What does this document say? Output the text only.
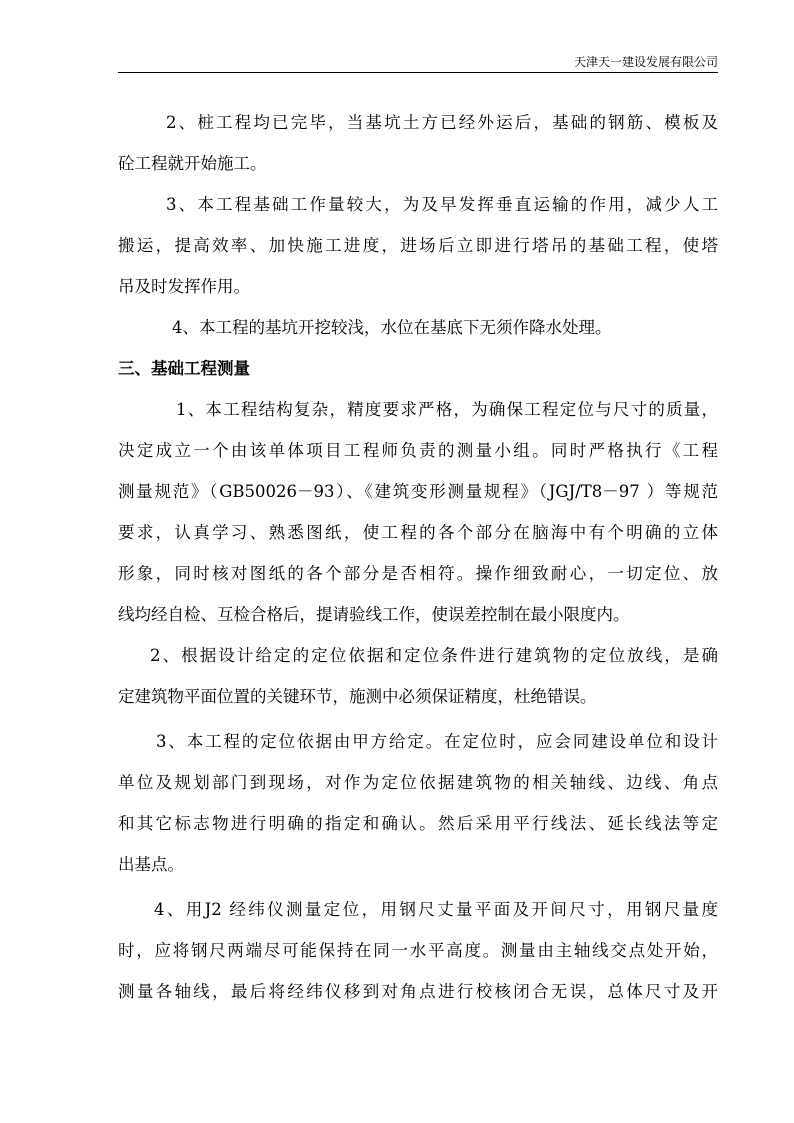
天津天一建设发展有限公司

2、桩工程均已完毕，当基坑土方已经外运后，基础的钢筋、模板及
砼工程就开始施工。

3、本工程基础工作量较大，为及早发挥垂直运输的作用，减少人工
搬运，提高效率、加快施工进度，进场后立即进行塔吊的基础工程，使塔
吊及时发挥作用。

4、本工程的基坑开挖较浅，水位在基底下无须作降水处理。

三、基础工程测量

1、本工程结构复杂，精度要求严格，为确保工程定位与尺寸的质量，
决定成立一个由该单体项目工程师负责的测量小组。同时严格执行《工程
测量规范》（GB50026－93）、《建筑变形测量规程》（JGJ/T8－97 ）等规范
要求，认真学习、熟悉图纸，使工程的各个部分在脑海中有个明确的立体
形象，同时核对图纸的各个部分是否相符。操作细致耐心，一切定位、放
线均经自检、互检合格后，提请验线工作，使误差控制在最小限度内。

2、根据设计给定的定位依据和定位条件进行建筑物的定位放线，是确
定建筑物平面位置的关键环节，施测中必须保证精度，杜绝错误。

3、本工程的定位依据由甲方给定。在定位时，应会同建设单位和设计
单位及规划部门到现场，对作为定位依据建筑物的相关轴线、边线、角点
和其它标志物进行明确的指定和确认。然后采用平行线法、延长线法等定
出基点。

4、用J2 经纬仪测量定位，用钢尺丈量平面及开间尺寸，用钢尺量度
时，应将钢尺两端尽可能保持在同一水平高度。测量由主轴线交点处开始，
测量各轴线，最后将经纬仪移到对角点进行校核闭合无误，总体尺寸及开
